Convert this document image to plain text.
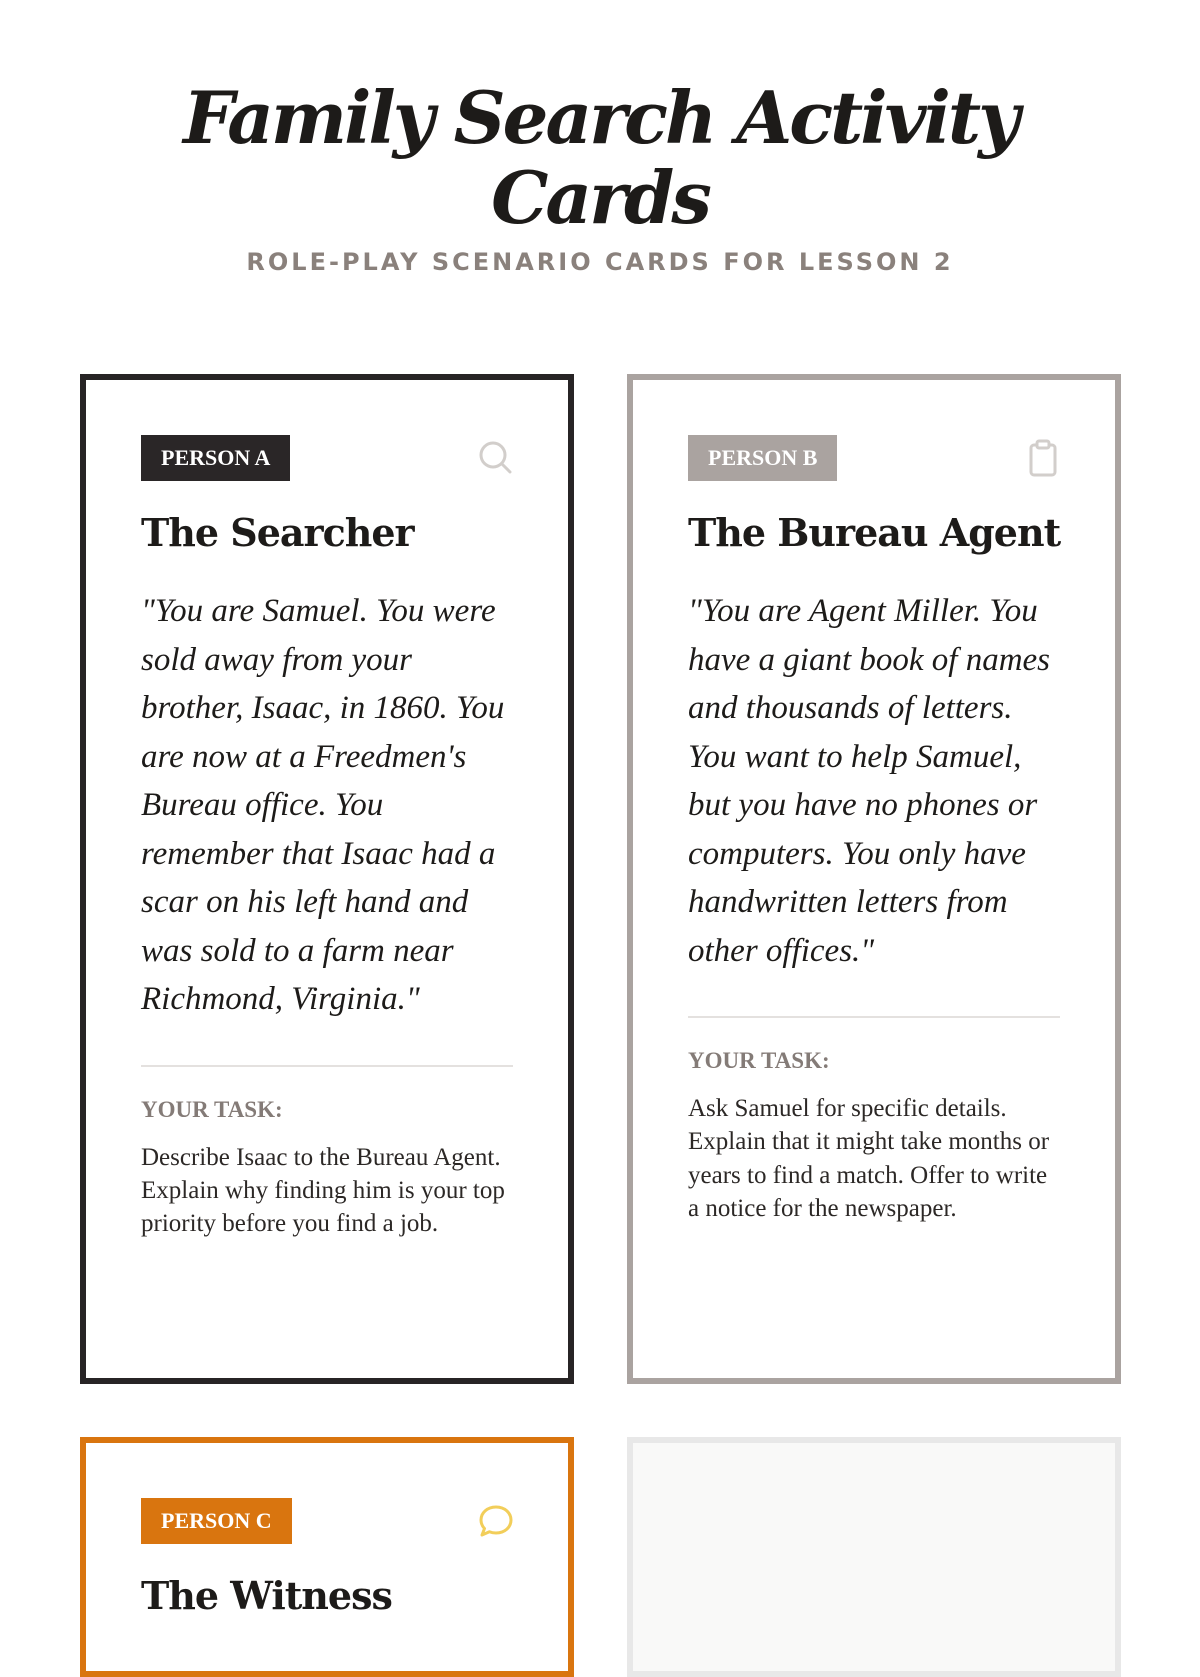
Family Search Activity Cards

ROLE-PLAY SCENARIO CARDS FOR LESSON 2

PERSON A
The Searcher

"You are Samuel. You were sold away from your brother, Isaac, in 1860. You are now at a Freedmen's Bureau office. You remember that Isaac had a scar on his left hand and was sold to a farm near Richmond, Virginia."

YOUR TASK:

Describe Isaac to the Bureau Agent. Explain why finding him is your top priority before you find a job.

PERSON B
The Bureau Agent

"You are Agent Miller. You have a giant book of names and thousands of letters. You want to help Samuel, but you have no phones or computers. You only have handwritten letters from other offices."

YOUR TASK:

Ask Samuel for specific details. Explain that it might take months or years to find a match. Offer to write a notice for the newspaper.

PERSON C
The Witness
